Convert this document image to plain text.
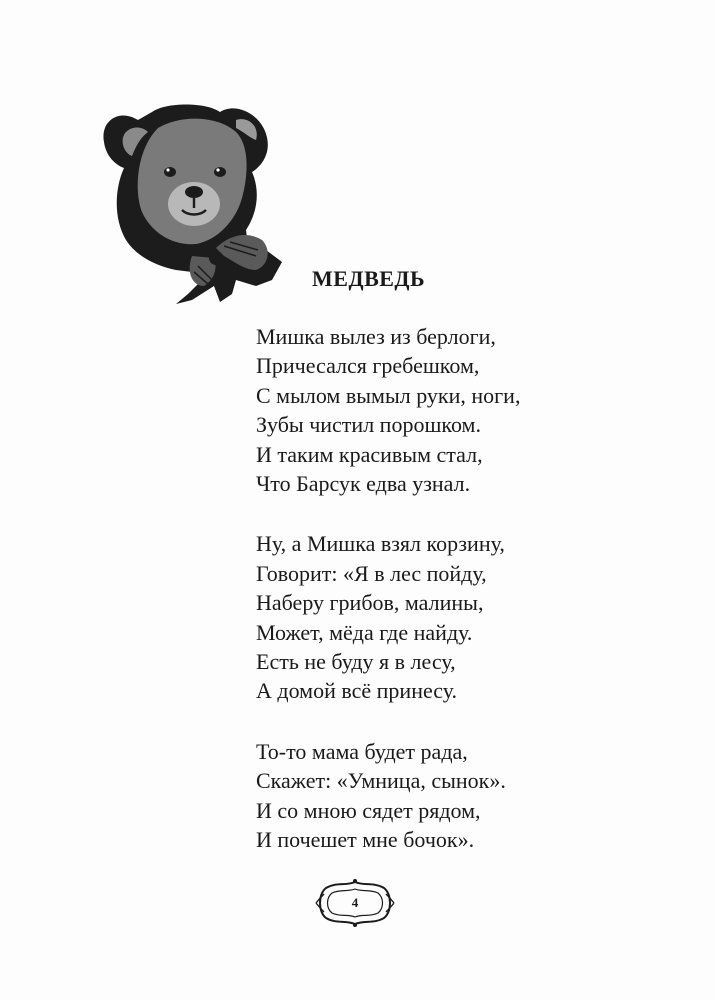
МЕДВЕДЬ
Мишка вылез из берлоги,
Причесался гребешком,
С мылом вымыл руки, ноги,
Зубы чистил порошком.
И таким красивым стал,
Что Барсук едва узнал.
Ну, а Мишка взял корзину,
Говорит: «Я в лес пойду,
Наберу грибов, малины,
Может, мёда где найду.
Есть не буду я в лесу,
А домой всё принесу.
То-то мама будет рада,
Скажет: «Умница, сынок».
И со мною сядет рядом,
И почешет мне бочок».
4
